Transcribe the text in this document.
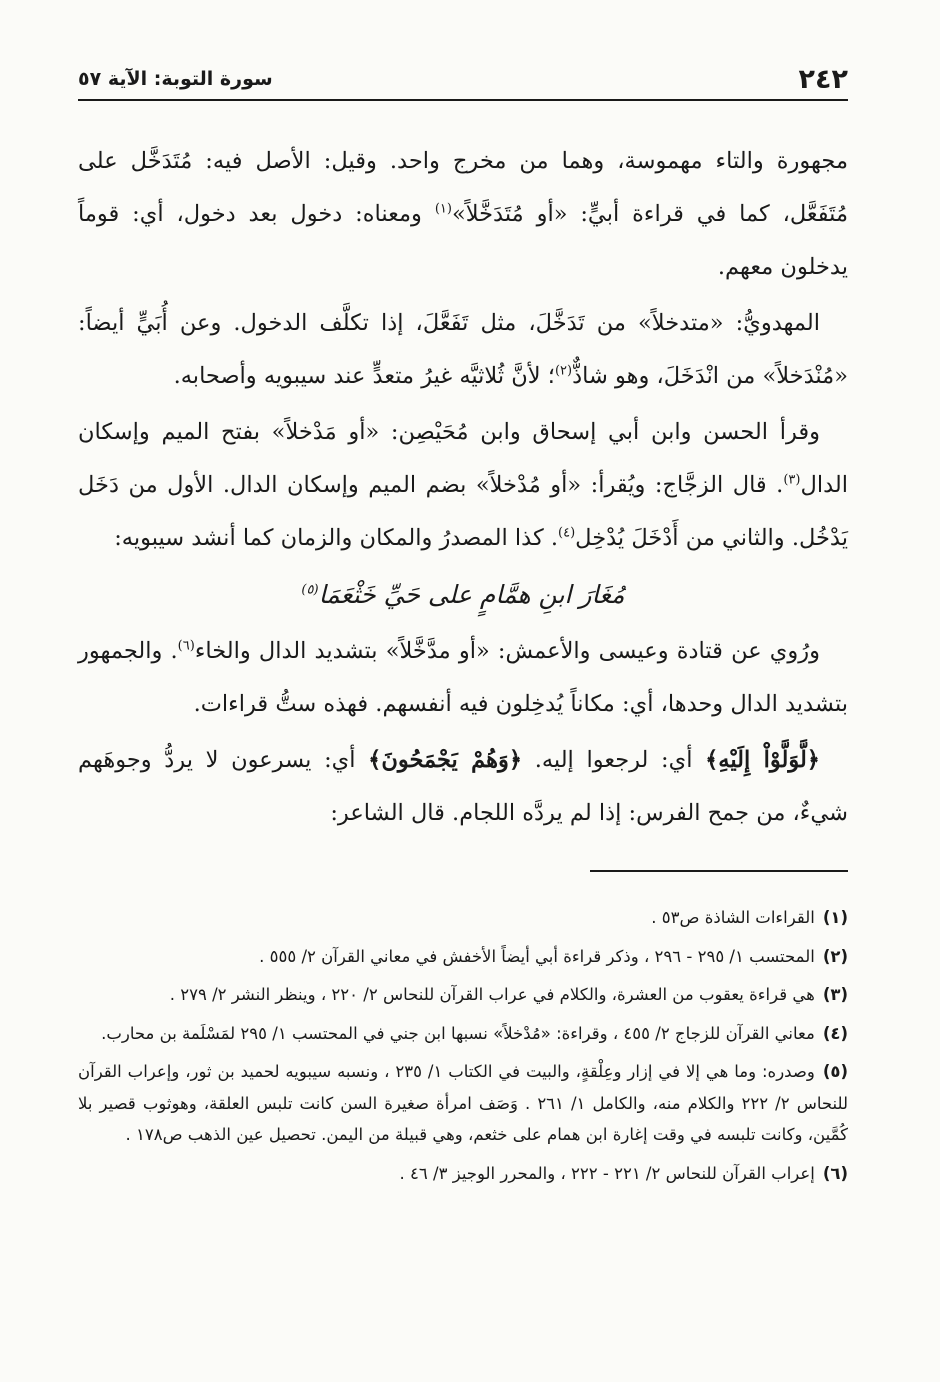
٢٤٢
سورة التوبة: الآية ٥٧

مجهورة والتاء مهموسة، وهما من مخرج واحد. وقيل: الأصل فيه: مُتَدَخَّل على مُتَفَعَّل، كما في قراءة أبيٍّ: «أو مُتَدَخَّلاً»$^{(١)}$ ومعناه: دخول بعد دخول، أي: قوماً يدخلون معهم.

المهدويُّ: «متدخلاً» من تَدَخَّلَ، مثل تَفَعَّلَ، إذا تكلَّف الدخول. وعن أُبَيٍّ أيضاً: «مُنْدَخلاً» من انْدَخَلَ، وهو شاذٌّ$^{(٢)}$؛ لأنَّ ثُلاثيَّه غيرُ متعدٍّ عند سيبويه وأصحابه.

وقرأ الحسن وابن أبي إسحاق وابن مُحَيْصِن: «أو مَدْخلاً» بفتح الميم وإسكان الدال$^{(٣)}$. قال الزجَّاج: ويُقرأ: «أو مُدْخلاً» بضم الميم وإسكان الدال. الأول من دَخَل يَدْخُل. والثاني من أَدْخَلَ يُدْخِل$^{(٤)}$. كذا المصدرُ والمكان والزمان كما أنشد سيبويه:

مُغَارَ ابنِ همَّامٍ على حَيِّ خَثْعَمَا$^{(٥)}$

ورُوي عن قتادة وعيسى والأعمش: «أو مدَّخَّلاً» بتشديد الدال والخاء$^{(٦)}$. والجمهور بتشديد الدال وحدها، أي: مكاناً يُدخِلون فيه أنفسهم. فهذه ستُّ قراءات.

﴿لَّوَلَّوْاْ إِلَيْهِ﴾ أي: لرجعوا إليه. ﴿وَهُمْ يَجْمَحُونَ﴾ أي: يسرعون لا يردُّ وجوهَهم شيءٌ، من جمح الفرس: إذا لم يردَّه اللجام. قال الشاعر:

(١)القراءات الشاذة ص٥٣ .
(٢)المحتسب ١/ ٢٩٥ - ٢٩٦ ، وذكر قراءة أبي أيضاً الأخفش في معاني القرآن ٢/ ٥٥٥ .
(٣)هي قراءة يعقوب من العشرة، والكلام في عراب القرآن للنحاس ٢/ ٢٢٠ ، وينظر النشر ٢/ ٢٧٩ .
(٤)معاني القرآن للزجاج ٢/ ٤٥٥ ، وقراءة: «مُدْخلاً» نسبها ابن جني في المحتسب ١/ ٢٩٥ لمَسْلَمة بن محارب.
(٥)وصدره: وما هي إلا في إزار وعِلْقةٍ، والبيت في الكتاب ١/ ٢٣٥ ، ونسبه سيبويه لحميد بن ثور، وإعراب القرآن للنحاس ٢/ ٢٢٢ والكلام منه، والكامل ١/ ٢٦١ . وَصَف امرأة صغيرة السن كانت تلبس العلقة، وهوثوب قصير بلا كُمَّين، وكانت تلبسه في وقت إغارة ابن همام على خثعم، وهي قبيلة من اليمن. تحصيل عين الذهب ص١٧٨ .
(٦)إعراب القرآن للنحاس ٢/ ٢٢١ - ٢٢٢ ، والمحرر الوجيز ٣/ ٤٦ .
